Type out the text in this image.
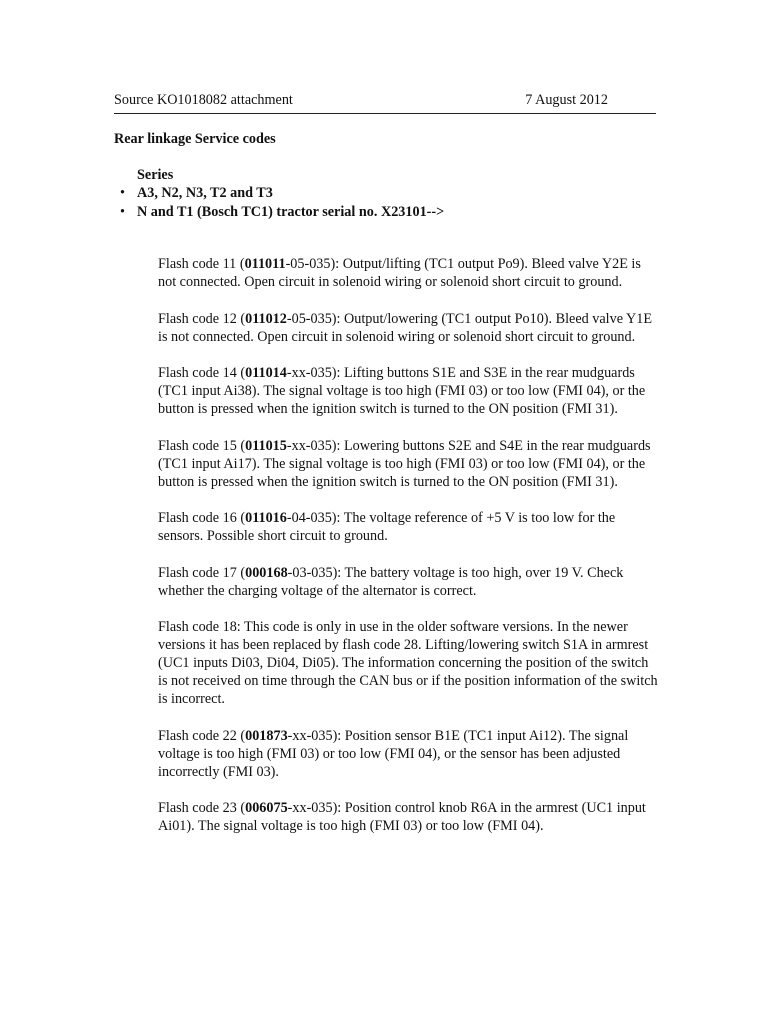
Source KO1018082 attachment	7 August 2012
Rear linkage Service codes
Series
• A3, N2, N3, T2 and T3
• N and T1 (Bosch TC1) tractor serial no. X23101-->

Flash code 11 (011011-05-035): Output/lifting (TC1 output Po9). Bleed valve Y2E is not connected. Open circuit in solenoid wiring or solenoid short circuit to ground.

Flash code 12 (011012-05-035): Output/lowering (TC1 output Po10). Bleed valve Y1E is not connected. Open circuit in solenoid wiring or solenoid short circuit to ground.

Flash code 14 (011014-xx-035): Lifting buttons S1E and S3E in the rear mudguards (TC1 input Ai38). The signal voltage is too high (FMI 03) or too low (FMI 04), or the button is pressed when the ignition switch is turned to the ON position (FMI 31).

Flash code 15 (011015-xx-035): Lowering buttons S2E and S4E in the rear mudguards (TC1 input Ai17). The signal voltage is too high (FMI 03) or too low (FMI 04), or the button is pressed when the ignition switch is turned to the ON position (FMI 31).

Flash code 16 (011016-04-035): The voltage reference of +5 V is too low for the sensors. Possible short circuit to ground.

Flash code 17 (000168-03-035): The battery voltage is too high, over 19 V. Check whether the charging voltage of the alternator is correct.

Flash code 18: This code is only in use in the older software versions. In the newer versions it has been replaced by flash code 28. Lifting/lowering switch S1A in armrest (UC1 inputs Di03, Di04, Di05). The information concerning the position of the switch is not received on time through the CAN bus or if the position information of the switch is incorrect.

Flash code 22 (001873-xx-035): Position sensor B1E (TC1 input Ai12). The signal voltage is too high (FMI 03) or too low (FMI 04), or the sensor has been adjusted incorrectly (FMI 03).

Flash code 23 (006075-xx-035): Position control knob R6A in the armrest (UC1 input Ai01). The signal voltage is too high (FMI 03) or too low (FMI 04).
